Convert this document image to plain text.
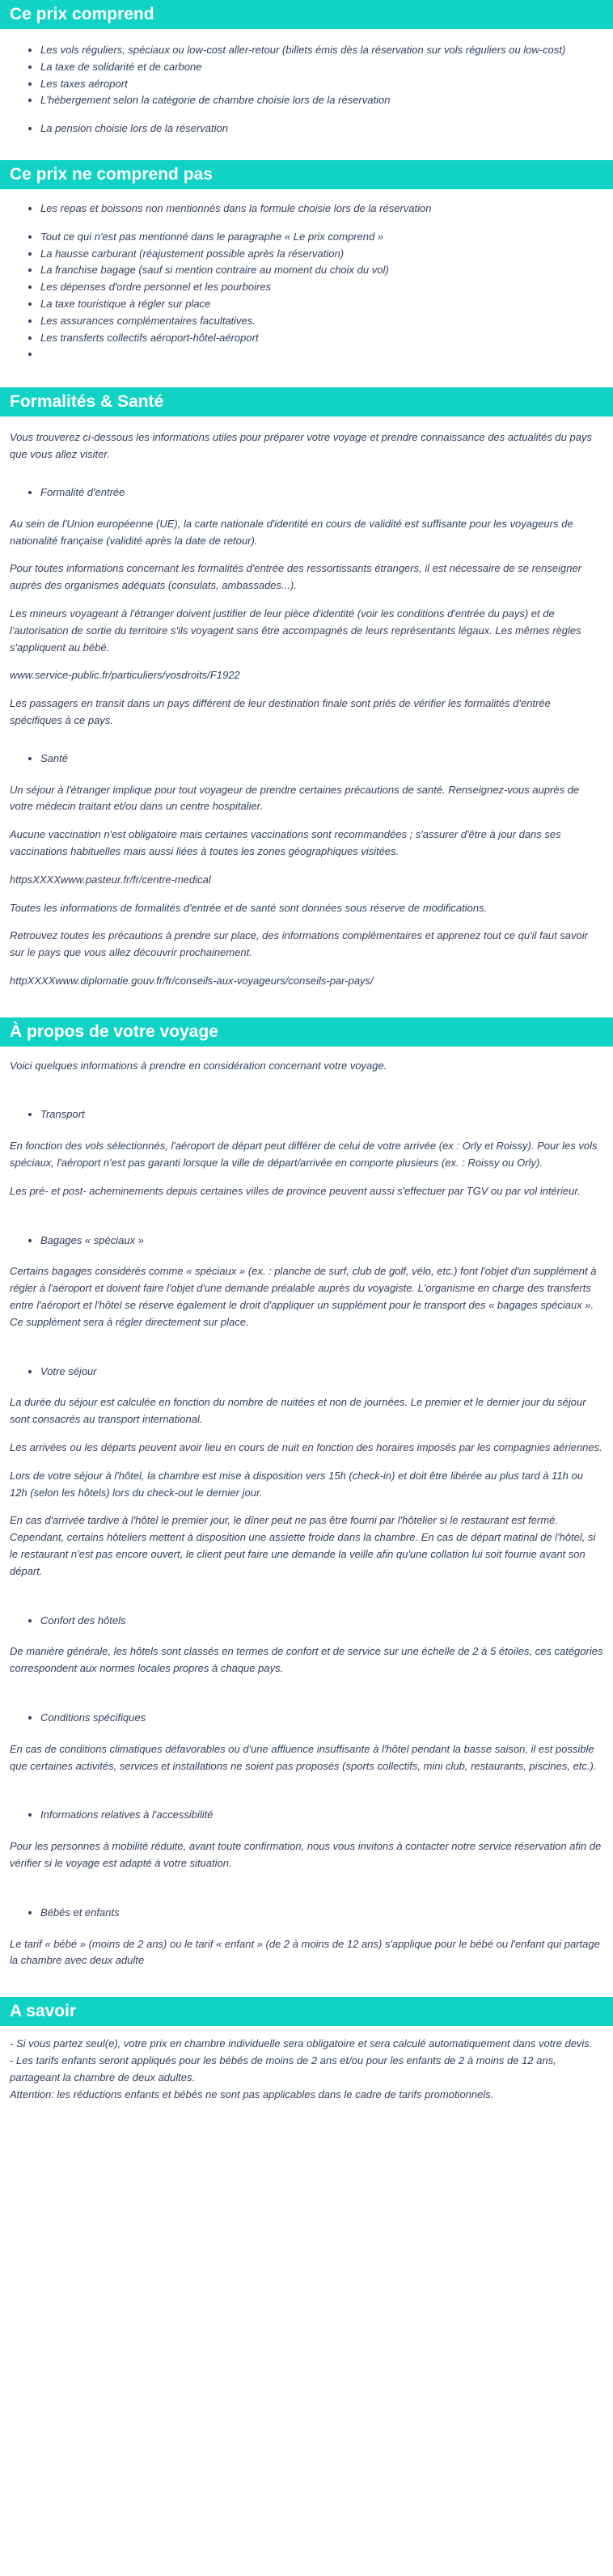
Ce prix comprend
• Les vols réguliers, spéciaux ou low-cost aller-retour (billets émis dès la réservation sur vols réguliers ou low-cost)
• La taxe de solidarité et de carbone
• Les taxes aéroport
• L'hébergement selon la catégorie de chambre choisie lors de la réservation
• La pension choisie lors de la réservation
Ce prix ne comprend pas
• Les repas et boissons non mentionnés dans la formule choisie lors de la réservation
• Tout ce qui n'est pas mentionné dans le paragraphe « Le prix comprend »
• La hausse carburant (réajustement possible après la réservation)
• La franchise bagage (sauf si mention contraire au moment du choix du vol)
• Les dépenses d'ordre personnel et les pourboires
• La taxe touristique à régler sur place
• Les assurances complémentaires facultatives.
• Les transferts collectifs aéroport-hôtel-aéroport
•
Formalités & Santé

Vous trouverez ci-dessous les informations utiles pour préparer votre voyage et prendre connaissance des actualités du pays que vous allez visiter.

• Formalité d'entrée

Au sein de l'Union européenne (UE), la carte nationale d'identité en cours de validité est suffisante pour les voyageurs de nationalité française (validité après la date de retour).

Pour toutes informations concernant les formalités d'entrée des ressortissants étrangers, il est nécessaire de se renseigner auprès des organismes adéquats (consulats, ambassades...).

Les mineurs voyageant à l'étranger doivent justifier de leur pièce d'identité (voir les conditions d'entrée du pays) et de l'autorisation de sortie du territoire s'ils voyagent sans être accompagnés de leurs représentants légaux. Les mêmes règles s'appliquent au bébé.

www.service-public.fr/particuliers/vosdroits/F1922

Les passagers en transit dans un pays différent de leur destination finale sont priés de vérifier les formalités d'entrée spécifiques à ce pays.

• Santé

Un séjour à l'étranger implique pour tout voyageur de prendre certaines précautions de santé. Renseignez-vous auprès de votre médecin traitant et/ou dans un centre hospitalier.

Aucune vaccination n'est obligatoire mais certaines vaccinations sont recommandées ; s'assurer d'être à jour dans ses vaccinations habituelles mais aussi liées à toutes les zones géographiques visitées.

httpsXXXXwww.pasteur.fr/fr/centre-medical

Toutes les informations de formalités d'entrée et de santé sont données sous réserve de modifications.

Retrouvez toutes les précautions à prendre sur place, des informations complémentaires et apprenez tout ce qu'il faut savoir sur le pays que vous allez découvrir prochainement.

httpXXXXwww.diplomatie.gouv.fr/fr/conseils-aux-voyageurs/conseils-par-pays/

À propos de votre voyage

Voici quelques informations à prendre en considération concernant votre voyage.

• Transport

En fonction des vols sélectionnés, l'aéroport de départ peut différer de celui de votre arrivée (ex : Orly et Roissy). Pour les vols spéciaux, l'aéroport n'est pas garanti lorsque la ville de départ/arrivée en comporte plusieurs (ex. : Roissy ou Orly).

Les pré- et post- acheminements depuis certaines villes de province peuvent aussi s'effectuer par TGV ou par vol intérieur.

• Bagages « spéciaux »

Certains bagages considérés comme « spéciaux » (ex. : planche de surf, club de golf, vélo, etc.) font l'objet d'un supplément à régler à l'aéroport et doivent faire l'objet d'une demande préalable auprès du voyagiste. L'organisme en charge des transferts entre l'aéroport et l'hôtel se réserve également le droit d'appliquer un supplément pour le transport des « bagages spéciaux ». Ce supplément sera à régler directement sur place.

• Votre séjour

La durée du séjour est calculée en fonction du nombre de nuitées et non de journées. Le premier et le dernier jour du séjour sont consacrés au transport international.

Les arrivées ou les départs peuvent avoir lieu en cours de nuit en fonction des horaires imposés par les compagnies aériennes.

Lors de votre séjour à l'hôtel, la chambre est mise à disposition vers 15h (check-in) et doit être libérée au plus tard à 11h ou 12h (selon les hôtels) lors du check-out le dernier jour.

En cas d'arrivée tardive à l'hôtel le premier jour, le dîner peut ne pas être fourni par l'hôtelier si le restaurant est fermé. Cependant, certains hôteliers mettent à disposition une assiette froide dans la chambre. En cas de départ matinal de l'hôtel, si le restaurant n'est pas encore ouvert, le client peut faire une demande la veille afin qu'une collation lui soit fournie avant son départ.

• Confort des hôtels

De manière générale, les hôtels sont classés en termes de confort et de service sur une échelle de 2 à 5 étoiles, ces catégories correspondent aux normes locales propres à chaque pays.

• Conditions spécifiques

En cas de conditions climatiques défavorables ou d'une affluence insuffisante à l'hôtel pendant la basse saison, il est possible que certaines activités, services et installations ne soient pas proposés (sports collectifs, mini club, restaurants, piscines, etc.).

• Informations relatives à l'accessibilité

Pour les personnes à mobilité réduite, avant toute confirmation, nous vous invitons à contacter notre service réservation afin de vérifier si le voyage est adapté à votre situation.

• Bébés et enfants

Le tarif « bébé » (moins de 2 ans) ou le tarif « enfant » (de 2 à moins de 12 ans) s'applique pour le bébé ou l'enfant qui partage la chambre avec deux adulte

A savoir

- Si vous partez seul(e), votre prix en chambre individuelle sera obligatoire et sera calculé automatiquement dans votre devis.

- Les tarifs enfants seront appliqués pour les bébés de moins de 2 ans et/ou pour les enfants de 2 à moins de 12 ans, partageant la chambre de deux adultes.

Attention: les réductions enfants et bébés ne sont pas applicables dans le cadre de tarifs promotionnels.
